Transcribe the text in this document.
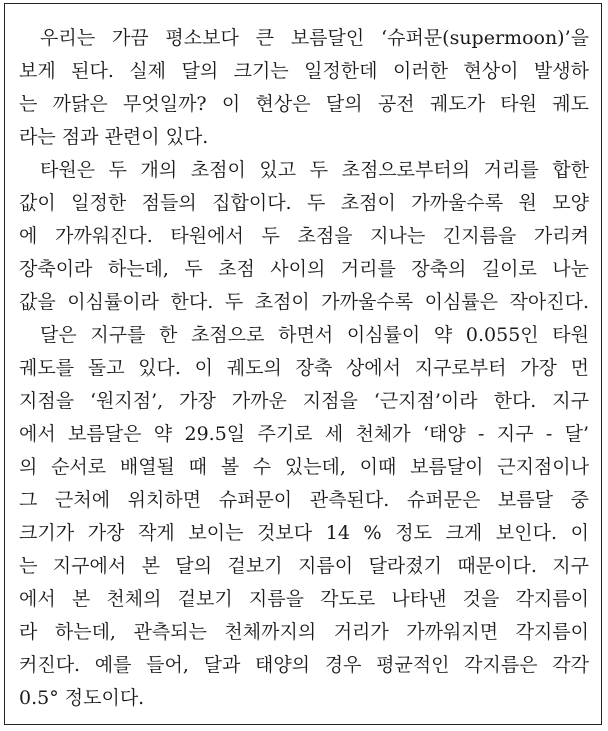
우리는 가끔 평소보다 큰 보름달인 ‘슈퍼문(supermoon)’을
보게 된다. 실제 달의 크기는 일정한데 이러한 현상이 발생하
는 까닭은 무엇일까? 이 현상은 달의 공전 궤도가 타원 궤도
라는 점과 관련이 있다.
타원은 두 개의 초점이 있고 두 초점으로부터의 거리를 합한
값이 일정한 점들의 집합이다. 두 초점이 가까울수록 원 모양
에 가까워진다. 타원에서 두 초점을 지나는 긴지름을 가리켜
장축이라 하는데, 두 초점 사이의 거리를 장축의 길이로 나눈
값을 이심률이라 한다. 두 초점이 가까울수록 이심률은 작아진다.
달은 지구를 한 초점으로 하면서 이심률이 약 0.055인 타원
궤도를 돌고 있다. 이 궤도의 장축 상에서 지구로부터 가장 먼
지점을 ‘원지점’, 가장 가까운 지점을 ‘근지점’이라 한다. 지구
에서 보름달은 약 29.5일 주기로 세 천체가 ‘태양 - 지구 - 달’
의 순서로 배열될 때 볼 수 있는데, 이때 보름달이 근지점이나
그 근처에 위치하면 슈퍼문이 관측된다. 슈퍼문은 보름달 중
크기가 가장 작게 보이는 것보다 14 % 정도 크게 보인다. 이
는 지구에서 본 달의 겉보기 지름이 달라졌기 때문이다. 지구
에서 본 천체의 겉보기 지름을 각도로 나타낸 것을 각지름이
라 하는데, 관측되는 천체까지의 거리가 가까워지면 각지름이
커진다. 예를 들어, 달과 태양의 경우 평균적인 각지름은 각각
0.5° 정도이다.
